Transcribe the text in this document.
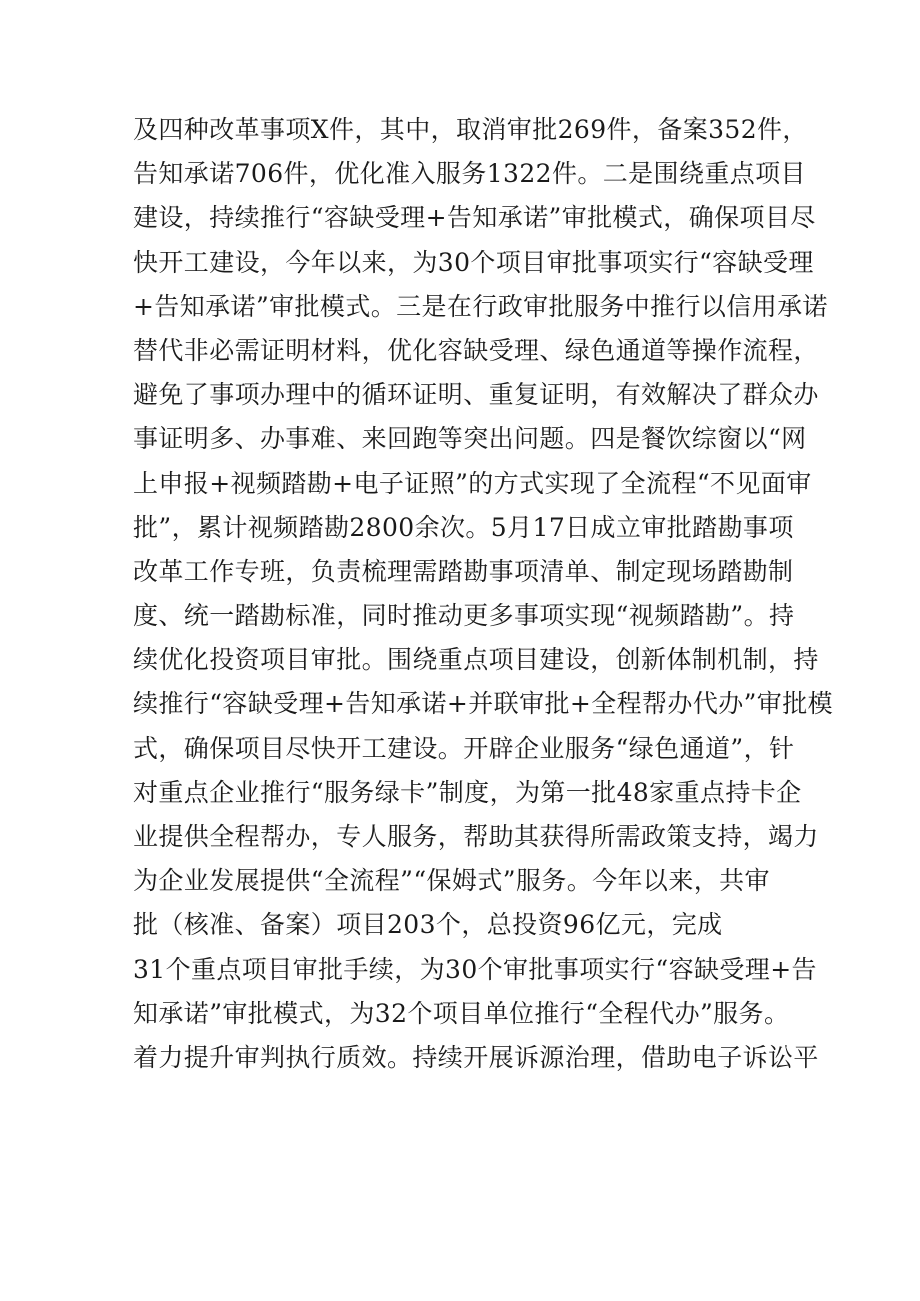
及四种改革事项X件，其中，取消审批269件，备案352件，
告知承诺706件，优化准入服务1322件。二是围绕重点项目
建设，持续推行“容缺受理+告知承诺”审批模式，确保项目尽
快开工建设，今年以来，为30个项目审批事项实行“容缺受理
+告知承诺”审批模式。三是在行政审批服务中推行以信用承诺
替代非必需证明材料，优化容缺受理、绿色通道等操作流程，
避免了事项办理中的循环证明、重复证明，有效解决了群众办
事证明多、办事难、来回跑等突出问题。四是餐饮综窗以“网
上申报+视频踏勘+电子证照”的方式实现了全流程“不见面审
批”，累计视频踏勘2800余次。5月17日成立审批踏勘事项
改革工作专班，负责梳理需踏勘事项清单、制定现场踏勘制
度、统一踏勘标准，同时推动更多事项实现“视频踏勘”。持
续优化投资项目审批。围绕重点项目建设，创新体制机制，持
续推行“容缺受理+告知承诺+并联审批+全程帮办代办”审批模
式，确保项目尽快开工建设。开辟企业服务“绿色通道”，针
对重点企业推行“服务绿卡”制度，为第一批48家重点持卡企
业提供全程帮办，专人服务，帮助其获得所需政策支持，竭力
为企业发展提供“全流程”“保姆式”服务。今年以来，共审
批（核准、备案）项目203个，总投资96亿元，完成
31个重点项目审批手续，为30个审批事项实行“容缺受理+告
知承诺”审批模式，为32个项目单位推行“全程代办”服务。
着力提升审判执行质效。持续开展诉源治理，借助电子诉讼平
